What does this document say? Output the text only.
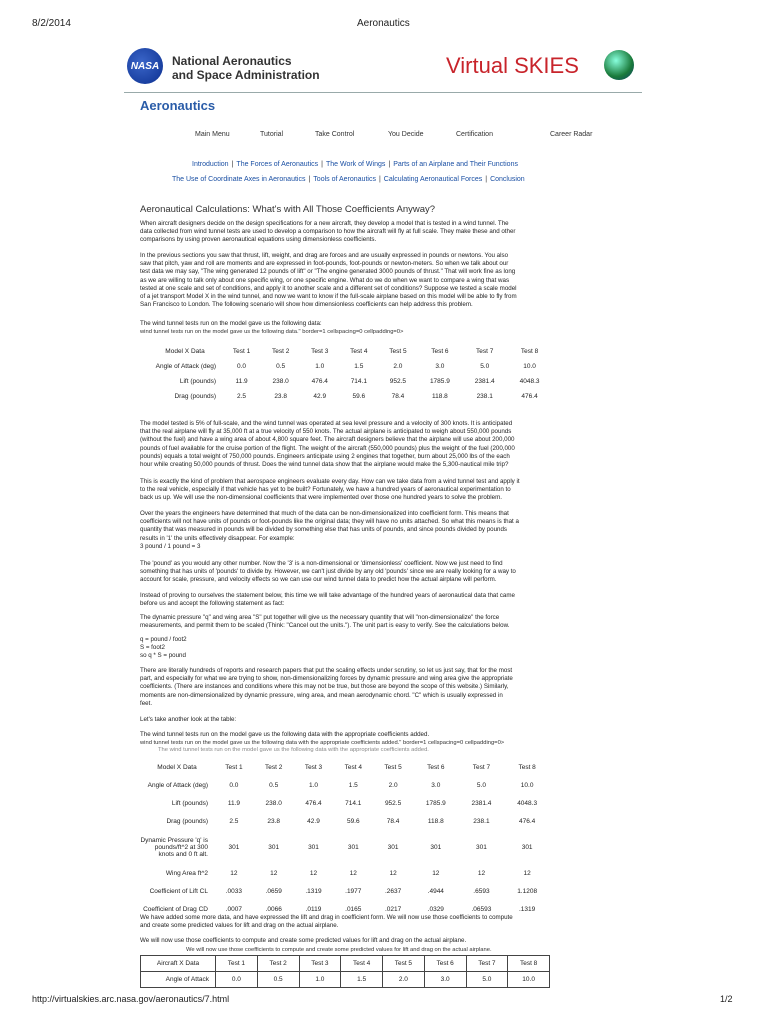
8/2/2014	Aeronautics
NASA	National Aeronautics
and Space Administration	Virtual SKIES
Aeronautics
Main Menu	Tutorial	Take Control	You Decide	Certification	Career Radar
Introduction | The Forces of Aeronautics | The Work of Wings | Parts of an Airplane and Their Functions
The Use of Coordinate Axes in Aeronautics | Tools of Aeronautics | Calculating Aeronautical Forces | Conclusion
Aeronautical Calculations: What's with All Those Coefficients Anyway?
When aircraft designers decide on the design specifications for a new aircraft, they develop a model that is tested in a wind tunnel. The
data collected from wind tunnel tests are used to develop a comparison to how the aircraft will fly at full scale. They make these and other
comparisons by using proven aeronautical equations using dimensionless coefficients.
In the previous sections you saw that thrust, lift, weight, and drag are forces and are usually expressed in pounds or newtons. You also
saw that pitch, yaw and roll are moments and are expressed in foot-pounds, foot-pounds or newton-meters. So when we talk about our
test data we may say, "The wing generated 12 pounds of lift" or "The engine generated 3000 pounds of thrust." That will work fine as long
as we are willing to talk only about one specific wing, or one specific engine. What do we do when we want to compare a wing that was
tested at one scale and set of conditions, and apply it to another scale and a different set of conditions? Suppose we tested a scale model
of a jet transport Model X in the wind tunnel, and now we want to know if the full-scale airplane based on this model will be able to fly from
San Francisco to London. The following scenario will show how dimensionless coefficients can help address this problem.
The wind tunnel tests run on the model gave us the following data:
wind tunnel tests run on the model gave us the following data." border=1 cellspacing=0 cellpadding=0>
Model X Data	Test 1	Test 2	Test 3	Test 4	Test 5	Test 6	Test 7	Test 8
Angle of Attack (deg)	0.0	0.5	1.0	1.5	2.0	3.0	5.0	10.0
Lift (pounds)	11.9	238.0	476.4	714.1	952.5	1785.9	2381.4	4048.3
Drag (pounds)	2.5	23.8	42.9	59.6	78.4	118.8	238.1	476.4
The model tested is 5% of full-scale, and the wind tunnel was operated at sea level pressure and a velocity of 300 knots. It is anticipated
that the real airplane will fly at 35,000 ft at a true velocity of 550 knots. The actual airplane is anticipated to weigh about 550,000 pounds
(without the fuel) and have a wing area of about 4,800 square feet. The aircraft designers believe that the airplane will use about 200,000
pounds of fuel available for the cruise portion of the flight. The weight of the aircraft (550,000 pounds) plus the weight of the fuel (200,000
pounds) equals a total weight of 750,000 pounds. Engineers anticipate using 2 engines that together, burn about 25,000 lbs of the each
hour while creating 50,000 pounds of thrust. Does the wind tunnel data show that the airplane would make the 5,300-nautical mile trip?
This is exactly the kind of problem that aerospace engineers evaluate every day. How can we take data from a wind tunnel test and apply it
to the real vehicle, especially if that vehicle has yet to be built? Fortunately, we have a hundred years of aeronautical experimentation to
back us up. We will use the non-dimensional coefficients that were implemented over those one hundred years to solve the problem.
Over the years the engineers have determined that much of the data can be non-dimensionalized into coefficient form. This means that
coefficients will not have units of pounds or foot-pounds like the original data; they will have no units attached. So what this means is that a
quantity that was measured in pounds will be divided by something else that has units of pounds, and since pounds divided by pounds
results in '1' the units effectively disappear. For example:
3 pound / 1 pound = 3
The 'pound' as you would any other number. Now the '3' is a non-dimensional or 'dimensionless' coefficient. Now we just need to find
something that has units of 'pounds' to divide by. However, we can't just divide by any old 'pounds' since we are really looking for a way to
account for scale, pressure, and velocity effects so we can use our wind tunnel data to predict how the actual airplane will perform.
Instead of proving to ourselves the statement below, this time we will take advantage of the hundred years of aeronautical data that came
before us and accept the following statement as fact:
The dynamic pressure "q" and wing area "S" put together will give us the necessary quantity that will "non-dimensionalize" the force
measurements, and permit them to be scaled (Think: "Cancel out the units."). The unit part is easy to verify. See the calculations below.
q = pound / foot2
S = foot2
so q * S = pound
There are literally hundreds of reports and research papers that put the scaling effects under scrutiny, so let us just say, that for the most
part, and especially for what we are trying to show, non-dimensionalizing forces by dynamic pressure and wing area give the appropriate
coefficients. (There are instances and conditions where this may not be true, but those are beyond the scope of this website.) Similarly,
moments are non-dimensionalized by dynamic pressure, wing area, and mean aerodynamic chord. "C" which is usually expressed in
feet.
Let's take another look at the table:
The wind tunnel tests run on the model gave us the following data with the appropriate coefficients added.
wind tunnel tests run on the model gave us the following data with the appropriate coefficients added." border=1 cellspacing=0 cellpadding=0>
The wind tunnel tests run on the model gave us the following data with the appropriate coefficients added.
Model X Data	Test 1	Test 2	Test 3	Test 4	Test 5	Test 6	Test 7	Test 8
Angle of Attack (deg)	0.0	0.5	1.0	1.5	2.0	3.0	5.0	10.0
Lift (pounds)	11.9	238.0	476.4	714.1	952.5	1785.9	2381.4	4048.3
Drag (pounds)	2.5	23.8	42.9	59.6	78.4	118.8	238.1	476.4
Dynamic Pressure 'q' is pounds/ft^2 at 300 knots and 0 ft alt.	301	301	301	301	301	301	301	301
Wing Area ft^2	12	12	12	12	12	12	12	12
Coefficient of Lift CL	.0033	.0659	.1319	.1977	.2637	.4944	.6593	1.1208
Coefficient of Drag CD	.0007	.0066	.0119	.0165	.0217	.0329	.06593	.1319
We have added some more data, and have expressed the lift and drag in coefficient form. We will now use those coefficients to compute
and create some predicted values for lift and drag on the actual airplane.
We will now use those coefficients to compute and create some predicted values for lift and drag on the actual airplane.
We will now use those coefficients to compute and create some predicted values for lift and drag on the actual airplane.
Aircraft X Data	Test 1	Test 2	Test 3	Test 4	Test 5	Test 6	Test 7	Test 8
Angle of Attack	0.0	0.5	1.0	1.5	2.0	3.0	5.0	10.0
http://virtualskies.arc.nasa.gov/aeronautics/7.html	1/2
